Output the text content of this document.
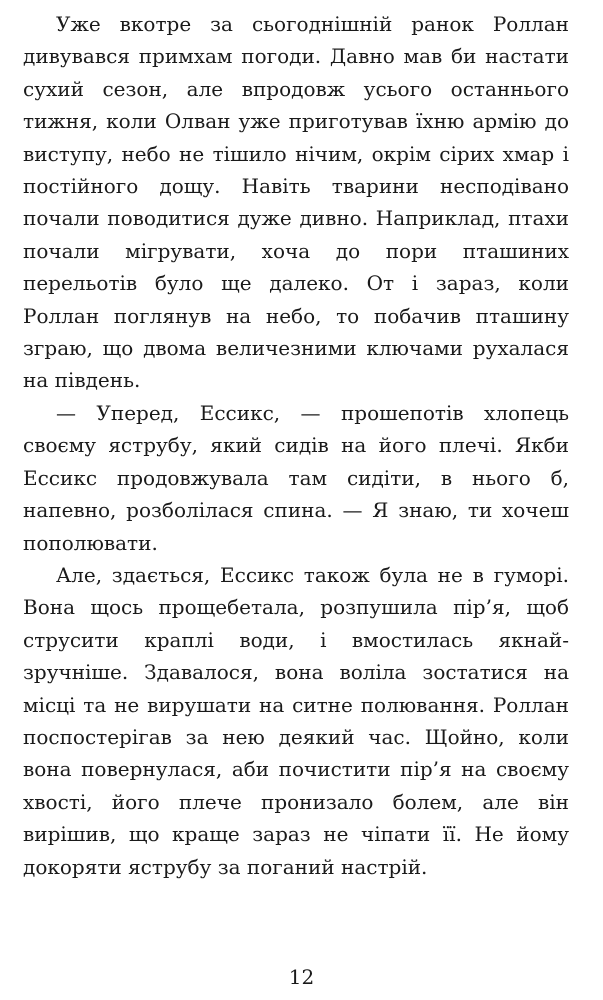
Уже вкотре за сьогоднішній ранок Роллан дивувався примхам погоди. Давно мав би настати сухий сезон, але впродовж усього останнього тижня, коли Олван уже приготував їхню армію до виступу, небо не тішило нічим, окрім сірих хмар і постійного дощу. Навіть тварини несподівано почали поводитися дуже дивно. Наприклад, птахи почали мігрувати, хоча до пори пташиних перельотів було ще далеко. От і зараз, коли Роллан поглянув на небо, то побачив пташину зграю, що двома величезними ключами рухалася на південь.

— Уперед, Ессикс, — прошепотів хлопець своєму яструбу, який сидів на його плечі. Якби Ессикс продовжувала там сидіти, в нього б, напевно, розболілася спина. — Я знаю, ти хочеш пополювати.

Але, здається, Ессикс також була не в гуморі. Вона щось прощебетала, розпушила пір’я, щоб струсити краплі води, і вмостилась якнайзручніше. Здавалося, вона воліла зостатися на місці та не вирушати на ситне полювання. Роллан поспостерігав за нею деякий час. Щойно, коли вона повернулася, аби почистити пір’я на своєму хвості, його плече пронизало болем, але він вирішив, що краще зараз не чіпати її. Не йому докоряти яструбу за поганий настрій.

12
